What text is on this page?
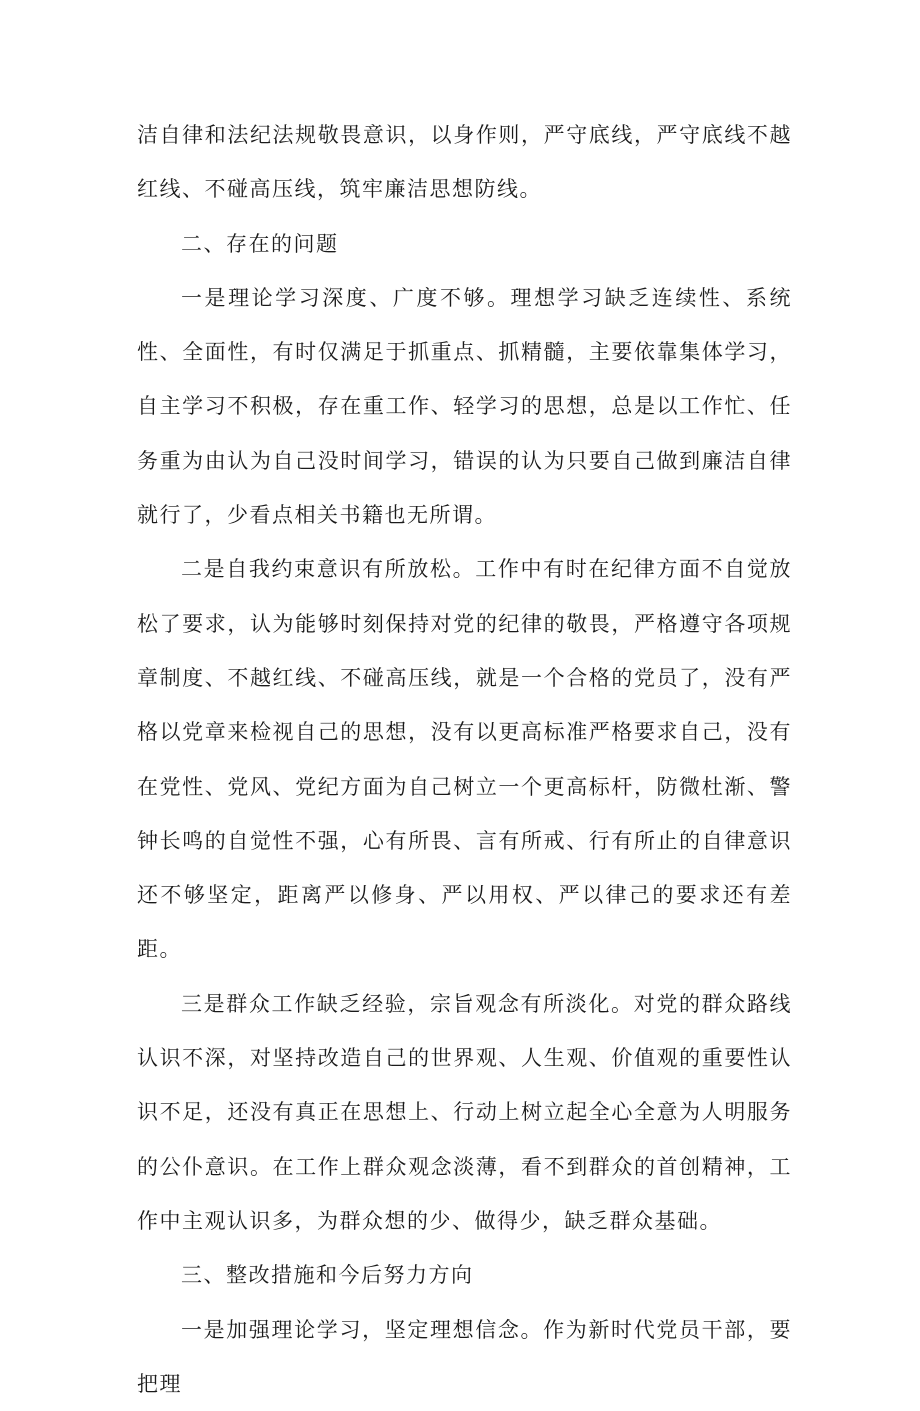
洁自律和法纪法规敬畏意识，以身作则，严守底线，严守底线不越红线、不碰高压线，筑牢廉洁思想防线。

二、存在的问题

一是理论学习深度、广度不够。理想学习缺乏连续性、系统性、全面性，有时仅满足于抓重点、抓精髓，主要依靠集体学习，自主学习不积极，存在重工作、轻学习的思想，总是以工作忙、任务重为由认为自己没时间学习，错误的认为只要自己做到廉洁自律就行了，少看点相关书籍也无所谓。

二是自我约束意识有所放松。工作中有时在纪律方面不自觉放松了要求，认为能够时刻保持对党的纪律的敬畏，严格遵守各项规章制度、不越红线、不碰高压线，就是一个合格的党员了，没有严格以党章来检视自己的思想，没有以更高标准严格要求自己，没有在党性、党风、党纪方面为自己树立一个更高标杆，防微杜渐、警钟长鸣的自觉性不强，心有所畏、言有所戒、行有所止的自律意识还不够坚定，距离严以修身、严以用权、严以律己的要求还有差距。

三是群众工作缺乏经验，宗旨观念有所淡化。对党的群众路线认识不深，对坚持改造自己的世界观、人生观、价值观的重要性认识不足，还没有真正在思想上、行动上树立起全心全意为人明服务的公仆意识。在工作上群众观念淡薄，看不到群众的首创精神，工作中主观认识多，为群众想的少、做得少，缺乏群众基础。

三、整改措施和今后努力方向

一是加强理论学习，坚定理想信念。作为新时代党员干部，要把理
